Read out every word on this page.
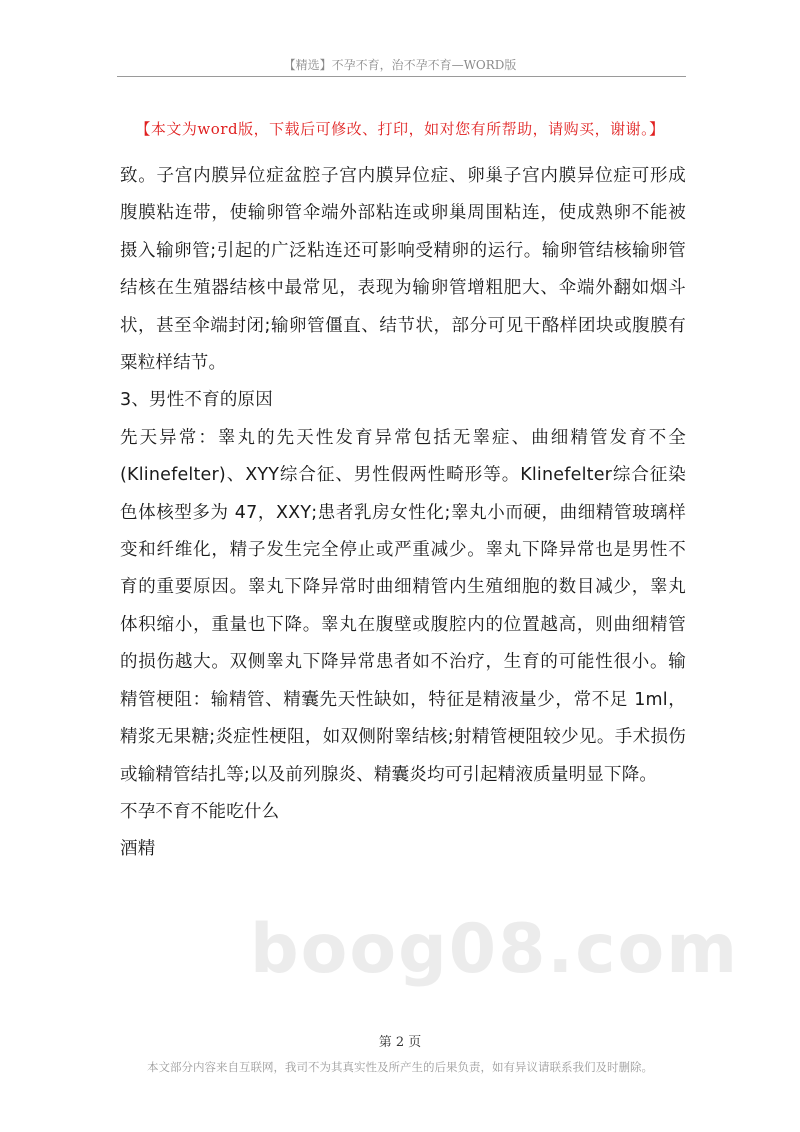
【精选】不孕不育，治不孕不育—WORD版
【本文为word版，下载后可修改、打印，如对您有所帮助，请购买，谢谢。】

致。子宫内膜异位症盆腔子宫内膜异位症、卵巢子宫内膜异位症可形成腹膜粘连带，使输卵管伞端外部粘连或卵巢周围粘连，使成熟卵不能被摄入输卵管;引起的广泛粘连还可影响受精卵的运行。输卵管结核输卵管结核在生殖器结核中最常见，表现为输卵管增粗肥大、伞端外翻如烟斗状，甚至伞端封闭;输卵管僵直、结节状，部分可见干酪样团块或腹膜有粟粒样结节。

3、男性不育的原因

先天异常：睾丸的先天性发育异常包括无睾症、曲细精管发育不全(Klinefelter)、XYY综合征、男性假两性畸形等。Klinefelter综合征染色体核型多为 47，XXY;患者乳房女性化;睾丸小而硬，曲细精管玻璃样变和纤维化，精子发生完全停止或严重减少。睾丸下降异常也是男性不育的重要原因。睾丸下降异常时曲细精管内生殖细胞的数目减少，睾丸体积缩小，重量也下降。睾丸在腹壁或腹腔内的位置越高，则曲细精管的损伤越大。双侧睾丸下降异常患者如不治疗，生育的可能性很小。输精管梗阻：输精管、精囊先天性缺如，特征是精液量少，常不足 1ml，精浆无果糖;炎症性梗阻，如双侧附睾结核;射精管梗阻较少见。手术损伤或输精管结扎等;以及前列腺炎、精囊炎均可引起精液质量明显下降。

不孕不育不能吃什么

酒精

boog08.com
第 2 页
本文部分内容来自互联网，我司不为其真实性及所产生的后果负责，如有异议请联系我们及时删除。
